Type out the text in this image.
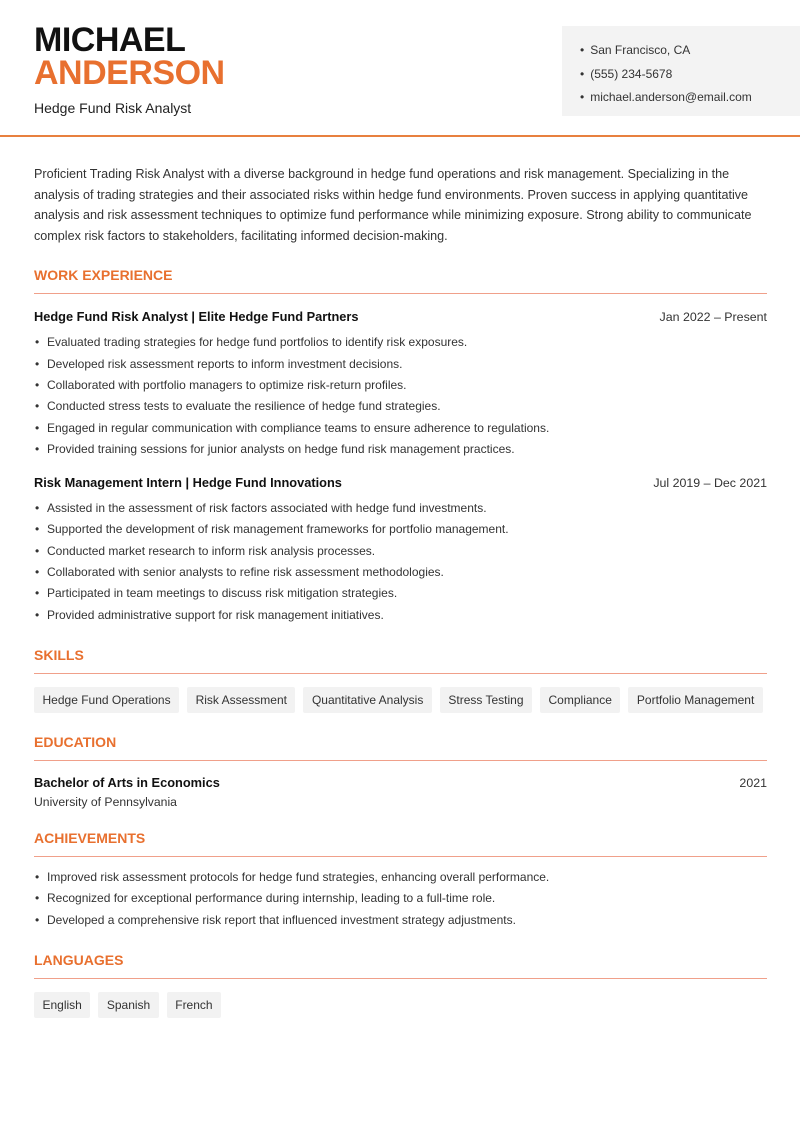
MICHAEL
ANDERSON
Hedge Fund Risk Analyst
• San Francisco, CA
• (555) 234-5678
• michael.anderson@email.com

Proficient Trading Risk Analyst with a diverse background in hedge fund operations and risk management. Specializing in the analysis of trading strategies and their associated risks within hedge fund environments. Proven success in applying quantitative analysis and risk assessment techniques to optimize fund performance while minimizing exposure. Strong ability to communicate complex risk factors to stakeholders, facilitating informed decision-making.

WORK EXPERIENCE
Hedge Fund Risk Analyst | Elite Hedge Fund Partners	Jan 2022 – Present
• Evaluated trading strategies for hedge fund portfolios to identify risk exposures.
• Developed risk assessment reports to inform investment decisions.
• Collaborated with portfolio managers to optimize risk-return profiles.
• Conducted stress tests to evaluate the resilience of hedge fund strategies.
• Engaged in regular communication with compliance teams to ensure adherence to regulations.
• Provided training sessions for junior analysts on hedge fund risk management practices.
Risk Management Intern | Hedge Fund Innovations	Jul 2019 – Dec 2021
• Assisted in the assessment of risk factors associated with hedge fund investments.
• Supported the development of risk management frameworks for portfolio management.
• Conducted market research to inform risk analysis processes.
• Collaborated with senior analysts to refine risk assessment methodologies.
• Participated in team meetings to discuss risk mitigation strategies.
• Provided administrative support for risk management initiatives.
SKILLS
Hedge Fund Operations	Risk Assessment	Quantitative Analysis	Stress Testing	Compliance	Portfolio Management
EDUCATION
Bachelor of Arts in Economics	2021
University of Pennsylvania
ACHIEVEMENTS
• Improved risk assessment protocols for hedge fund strategies, enhancing overall performance.
• Recognized for exceptional performance during internship, leading to a full-time role.
• Developed a comprehensive risk report that influenced investment strategy adjustments.
LANGUAGES
English	Spanish	French
